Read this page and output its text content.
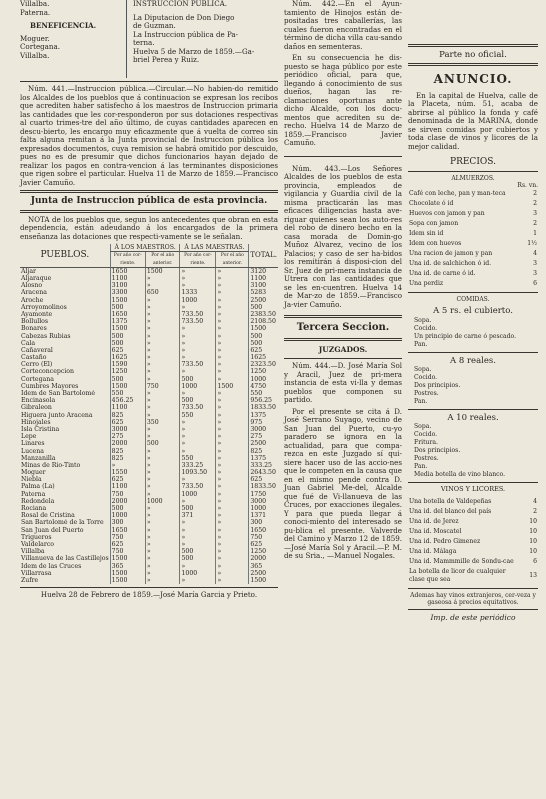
Villalba.
Paterna.
BENEFICENCIA.
Moguer.
Cortegana.
Villalba.
INSTRUCCION PÚBLICA.
La Diputacion de Don Diego
de Guzman.
La Instruccion pública de Pa-
terna.
Huelva 5 de Marzo de 1859.—Ga-
briel Perea y Ruiz.

Núm. 441.—Instruccion pública.—Circular.—No habien-do remitido los Alcaldes de los pueblos que á continuacion se expresan los recibos que acrediten haber satisfecho á los maestros de Instruccion primaria las cantidades que les cor-responderon por sus dotaciones respectivas al cuarto trimes-tre del año último, de cuyas cantidades aparecen en descu-bierto, les encargo muy eficazmente que á vuelta de correo sin falta alguna remitan á la Junta provincial de Instruccion pública los expresados documentos, cuya remision se habrá omitido por descuido, pues no es de presumir que dichos funcionarios hayan dejado de realizar los pagos en contra-vencion á las terminantes disposiciones que rigen sobre el particular. Huelva 11 de Marzo de 1859.—Francisco Javier Camuño.

Junta de Instruccion pública de esta provincia.

NOTA de los pueblos que, segun los antecedentes que obran en esta dependencia, están adeudando á los encargados de la primera enseñanza las dotaciones que respecti-vamente se le señalan.

PUEBLOS.	Á LOS MAESTROS.		Á LAS MAESTRAS.		TOTAL.
	Por año cor-riente.	Por el año anterior.	Por año cor-riente.	Por el año anterior.	
Aljar	1650	1500	»	»	3120
Aljaraque	1100	»	»	»	1100
Alosno	3100	»	»	»	3100
Aracena	3300	650	1333	»	5283
Aroche	1500	»	1000	»	2500
Arroyomolinos	500	»	»	»	500
Ayamonte	1650	»	733.50	»	2383.50
Bollullos	1375	»	733.50	»	2108.50
Bonares	1500	»	»	»	1500
Cabezas Rubias	500	»	»	»	500
Cala	500	»	»	»	500
Cañaveral	625	»	»	»	625
Castaño	1625	»	»	»	1625
Cerro (El)	1590	»	733.50	»	2323.50
Corteconcepcion	1250	»	»	»	1250
Cortegana	500	»	500	»	1000
Cumbres Mayores	1500	750	1000	1500	4750
Idem de San Bartolomé	550	»	»	»	550
Encinasola	456.25	»	500	»	956.25
Gibraleon	1100	»	733.50	»	1833.50
Higuera junto Aracena	825	»	550	»	1375
Hinojales	625	350	»	»	975
Isla Cristina	3000	»	»	»	3000
Lepe	275	»	»	»	275
Linares	2000	500	»	»	2500
Lucena	825	»	»	»	825
Manzanilla	825	»	550	»	1375
Minas de Rio-Tinto	»	»	333.25	»	333.25
Moguer	1550	»	1093.50	»	2643.50
Niebla	625	»	»	»	625
Palma (La)	1100	»	733.50	»	1833.50
Paterna	750	»	1000	»	1750
Redondela	2000	1000	»	»	3000
Rociana	500	»	500	»	1000
Rosal de Cristina	1000	»	371	»	1371
San Bartolomé de la Torre	300	»	»	»	300
San Juan del Puerto	1650	»	»	»	1650
Trigueros	750	»	»	»	750
Valdelarco	625	»	»	»	625
Villalba	750	»	500	»	1250
Villanueva de las Castillejos	1500	»	500	»	2000
Idem de las Cruces	365	»	»	»	365
Villarrasa	1500	»	1000	»	2500
Zufre	1500	»	»	»	1500
Huelva 28 de Febrero de 1859.—José María Garcia y Prieto.

Núm. 442.—En el Ayun-tamiento de Hinojos están de-positadas tres caballerías, las cuales fueron encontradas en el término de dicha villa cau-sando daños en sementeras.

En su consecuencia he dis-puesto se haga público por este periódico oficial, para que, llegando á conocimiento de sus dueños, hagan las re-clamaciones oportunas ante dicho Alcalde, con los docu-mentos que acrediten su de-recho. Huelva 14 de Marzo de 1859.—Francisco Javier Camuño.

Núm. 443.—Los Señores Alcaldes de los pueblos de esta provincia, empleados de vigilancia y Guardia civil de la misma practicarán las mas eficaces diligencias hasta ave-riguar quienes sean los auto-res del robo de dinero becho en la casa morada de Domin-go Muñoz Alvarez, vecino de los Palacios; y caso de ser ha-bidos los remitirán á disposi-cion del Sr. Juez de pri-mera instancia de Utrera con las cantidades que se les en-cuentren. Huelva 14 de Mar-zo de 1859.—Francisco Ja-vier Camuño.

Tercera Seccion.
JUZGADOS.

Núm. 444.—D. José María Sol y Aracil, Juez de pri-mera instancia de esta vi-lla y demas pueblos que componen su partido.

Por el presente se cita á D. José Serrano Suyago, vecino de San Juan del Puerto, cu-yo paradero se ignora en la actualidad, para que compa-rezca en este Juzgado sí qui-siere hacer uso de las accio-nes que le competen en la causa que en el mismo pende contra D. Juan Gabriel Me-del, Alcalde que fué de Vi-llanueva de las Cruces, por exacciones ilegales. Y para que pueda llegar á conoci-miento del interesado se pu-blica el presente. Valverde del Camino y Marzo 12 de 1859.—José María Sol y Aracil.—P. M. de su Sria., —Manuel Nogales.

Parte no oficial.
ANUNCIO.

En la capital de Huelva, calle de la Placeta, núm. 51, acaba de abrirse al público la fonda y café denominada de la MARINA, donde se sirven comidas por cubiertos y toda clase de vinos y licores de la mejor calidad.

PRECIOS.
ALMUERZOS.
Rs. vn.
Café con leche, pan y man-teca	2
Chocolate ó id	2
Huevos con jamon y pan	3
Sopa con jamon	2
Idem sin id	1
Idem con huevos	1½
Una racion de jamon y pan	4
Una id. de salchichon ó id.	3
Una id. de carne ó id.	3
Una perdiz	6
COMIDAS.
A 5 rs. el cubierto.
Sopa.
Cocido.
Un principio de carne ó pescado.
Pan.
A 8 reales.
Sopa.
Cocido.
Dos principios.
Postres.
Pan.
A 10 reales.
Sopa.
Cocido.
Fritura.
Dos principios.
Postres.
Pan.
Media botella de vino blanco.
VINOS Y LICORES.
Una botella de Valdepeñas	4
Una id. del blanco del país	2
Una id. de Jerez	10
Una id. Moscatel	10
Una id. Pedro Gimenez	10
Una id. Málaga	10
Una id. Mammmille de Sondu-cae	6
La botella de licor de cualquier clase que sea	13

Ademas hay vinos extranjeros, cer-veza y gaseosa á precios equitativos.

Imp. de este periódico
